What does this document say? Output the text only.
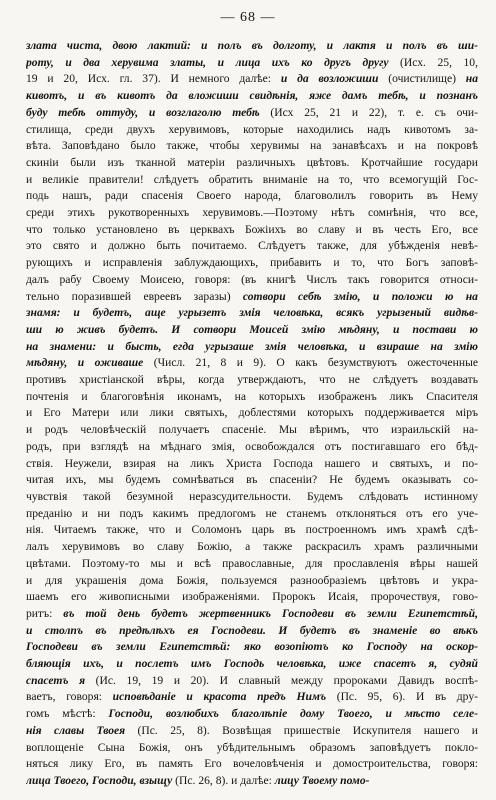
— 68 —
злата чиста, двою лактий: и полъ въ долготу, и лактя и полъ въ ши-
роту, и два херувима златы, и лица ихъ ко другъ другу (Исх. 25, 10,
19 и 20, Исх. гл. 37). И немного далѣе: и да возложиши (очистилище) на
кивотъ, и въ кивотъ да вложиши свидѣнія, яже дамъ тебѣ, и познанъ
буду тебѣ оттуду, и возглаголю тебѣ (Исх 25, 21 и 22), т. е. съ очи-
стилища, среди двухъ херувимовъ, которые находились надъ кивотомъ за-
вѣта. Заповѣдано было также, чтобы херувимы на занавѣсахъ и на покровѣ
скиніи были изъ тканной матеріи различныхъ цвѣтовъ. Кротчайшие государи
и великіе правители! слѣдуетъ обратить вниманіе на то, что всемогущій Гос-
подь нашъ, ради спасенія Своего народа, благоволилъ говорить въ Нему
среди этихъ рукотворенныхъ херувимовъ.—Поэтому нѣтъ сомнѣнія, что все,
что только установлено въ церквахъ Божіихъ во славу и въ честь Его, все
это свято и должно быть почитаемо. Слѣдуетъ также, для убѣжденія невѣ-
рующихъ и исправленія заблуждающихъ, прибавить и то, что Богъ заповѣ-
далъ рабу Своему Моисею, говоря: (въ книгѣ Числъ такъ говорится относи-
тельно поразившей евреевъ заразы) сотвори себѣ змію, и положи ю на
знамя: и будетъ, аще угрызетъ змія человѣка, всякъ угрызеный видѣв-
ши ю живъ будетъ. И сотвори Моисей змію мѣдяну, и постави ю
на знамени: и бысть, егда угрызаше змія человѣка, и взираше на змію
мѣдяну, и оживаше (Числ. 21, 8 и 9). О какъ безумствуютъ ожесточенные
противъ христіанской вѣры, когда утверждаютъ, что не слѣдуетъ воздавать
почтенія и благоговѣнія иконамъ, на которыхъ изображенъ ликъ Спасителя
и Его Матери или лики святыхъ, доблестями которыхъ поддерживается міръ
и родъ человѣческій получаетъ спасеніе. Мы вѣримъ, что израильскій на-
родъ, при взглядѣ на мѣднаго змія, освобождался отъ постигавшаго его бѣд-
ствія. Неужели, взирая на ликъ Христа Господа нашего и святыхъ, и по-
читая ихъ, мы будемъ сомнѣваться въ спасеніи? Не будемъ оказывать со-
чувствія такой безумной неразсудительности. Будемъ слѣдовать истинному
преданію и ни подъ какимъ предлогомъ не станемъ отклоняться отъ его уче-
нія. Читаемъ также, что и Соломонъ царь въ построенномъ имъ храмѣ сдѣ-
лалъ херувимовъ во славу Божію, а также раскрасилъ храмъ различными
цвѣтами. Поэтому-то мы и всѣ православные, для прославленія вѣры нашей
и для украшенія дома Божія, пользуемся разнообразіемъ цвѣтовъ и укра-
шаемъ его живописными изображеніями. Пророкъ Исаія, пророчествуя, гово-
ритъ: въ той день будетъ жертвенникъ Господеви въ земли Египетстѣй,
и столпъ въ предѣлѣхъ ея Господеви. И будетъ въ знаменіе во вѣкъ
Господеви въ земли Египетстѣй: яко возопіютъ ко Господу на оскор-
бляющія ихъ, и послетъ имъ Господь человѣка, иже спасетъ я, судяй
спасетъ я (Ис. 19, 19 и 20). И славный между пророками Давидъ воспѣ-
ваетъ, говоря: исповѣданіе и красота предъ Нимъ (Пс. 95, 6). И въ дру-
гомъ мѣстѣ: Господи, возлюбихъ благолѣпіе дому Твоего, и мѣсто селе-
нія славы Твоея (Пс. 25, 8). Возвѣщая пришествіе Искупителя нашего и
воплощеніе Сына Божія, онъ убѣдительнымъ образомъ заповѣдуетъ покло-
няться лику Его, въ память Его вочеловѣченія и домостроительства, говоря:
лица Твоего, Господи, взыщу (Пс. 26, 8). и далѣе: лицу Твоему помо-
